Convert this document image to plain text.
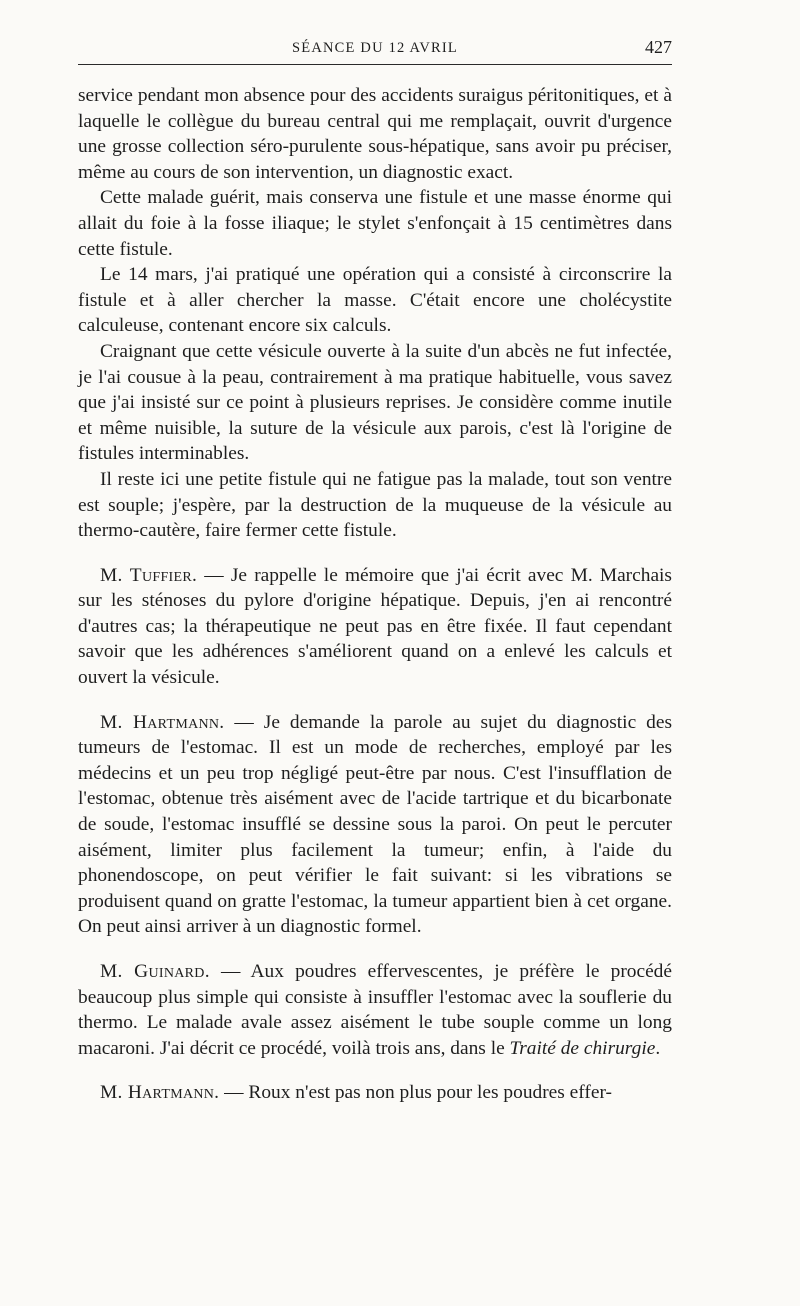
SÉANCE DU 12 AVRIL	427

service pendant mon absence pour des accidents suraigus péritonitiques, et à laquelle le collègue du bureau central qui me remplaçait, ouvrit d'urgence une grosse collection séro-purulente sous-hépatique, sans avoir pu préciser, même au cours de son intervention, un diagnostic exact.

Cette malade guérit, mais conserva une fistule et une masse énorme qui allait du foie à la fosse iliaque; le stylet s'enfonçait à 15 centimètres dans cette fistule.

Le 14 mars, j'ai pratiqué une opération qui a consisté à circonscrire la fistule et à aller chercher la masse. C'était encore une cholécystite calculeuse, contenant encore six calculs.

Craignant que cette vésicule ouverte à la suite d'un abcès ne fut infectée, je l'ai cousue à la peau, contrairement à ma pratique habituelle, vous savez que j'ai insisté sur ce point à plusieurs reprises. Je considère comme inutile et même nuisible, la suture de la vésicule aux parois, c'est là l'origine de fistules interminables.

Il reste ici une petite fistule qui ne fatigue pas la malade, tout son ventre est souple; j'espère, par la destruction de la muqueuse de la vésicule au thermo-cautère, faire fermer cette fistule.

M. Tuffier. — Je rappelle le mémoire que j'ai écrit avec M. Marchais sur les sténoses du pylore d'origine hépatique. Depuis, j'en ai rencontré d'autres cas; la thérapeutique ne peut pas en être fixée. Il faut cependant savoir que les adhérences s'améliorent quand on a enlevé les calculs et ouvert la vésicule.

M. Hartmann. — Je demande la parole au sujet du diagnostic des tumeurs de l'estomac. Il est un mode de recherches, employé par les médecins et un peu trop négligé peut-être par nous. C'est l'insufflation de l'estomac, obtenue très aisément avec de l'acide tartrique et du bicarbonate de soude, l'estomac insufflé se dessine sous la paroi. On peut le percuter aisément, limiter plus facilement la tumeur; enfin, à l'aide du phonendoscope, on peut vérifier le fait suivant: si les vibrations se produisent quand on gratte l'estomac, la tumeur appartient bien à cet organe. On peut ainsi arriver à un diagnostic formel.

M. Guinard. — Aux poudres effervescentes, je préfère le procédé beaucoup plus simple qui consiste à insuffler l'estomac avec la souflerie du thermo. Le malade avale assez aisément le tube souple comme un long macaroni. J'ai décrit ce procédé, voilà trois ans, dans le Traité de chirurgie.

M. Hartmann. — Roux n'est pas non plus pour les poudres effer-
